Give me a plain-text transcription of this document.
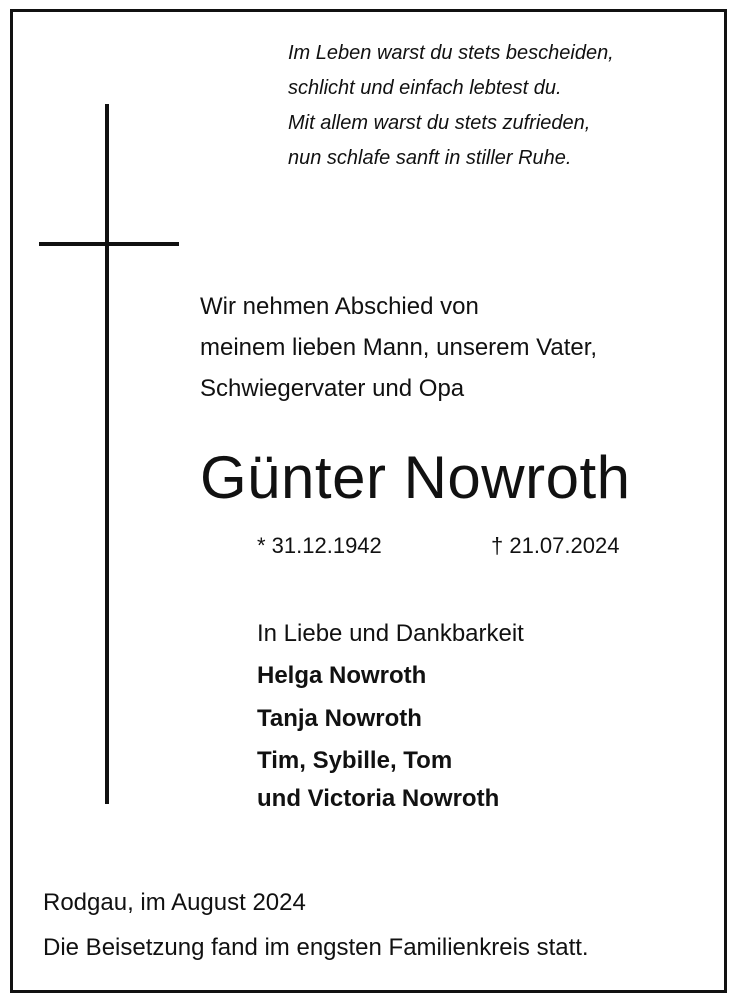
Im Leben warst du stets bescheiden,
schlicht und einfach lebtest du.
Mit allem warst du stets zufrieden,
nun schlafe sanft in stiller Ruhe.
Wir nehmen Abschied von
meinem lieben Mann, unserem Vater,
Schwiegervater und Opa
Günter Nowroth
* 31.12.1942	† 21.07.2024
In Liebe und Dankbarkeit
Helga Nowroth
Tanja Nowroth
Tim, Sybille, Tom
und Victoria Nowroth
Rodgau, im August 2024
Die Beisetzung fand im engsten Familienkreis statt.
